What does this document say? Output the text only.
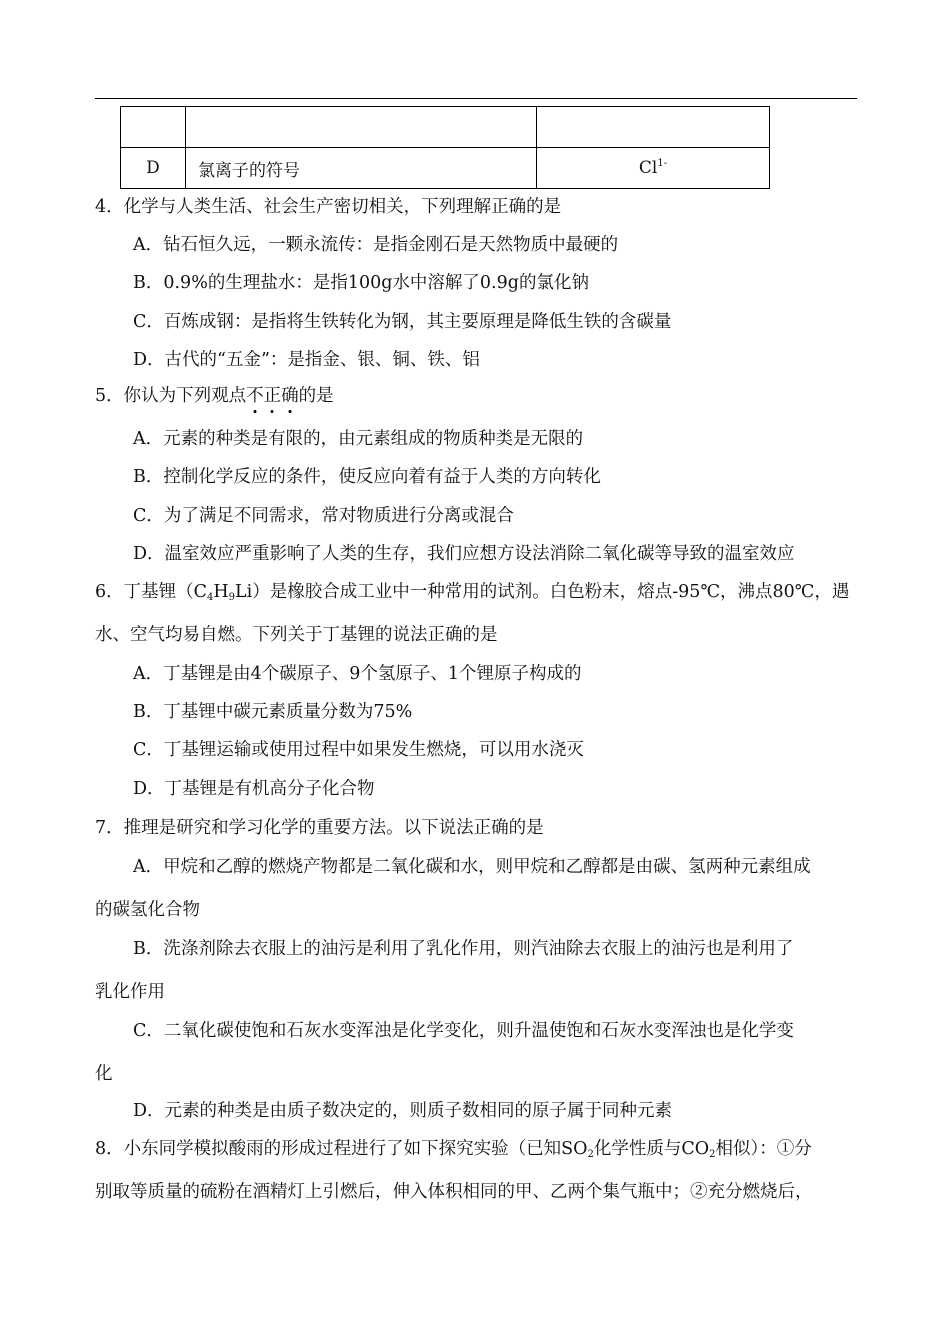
D	氯离子的符号	$Cl^{1-}$
4．化学与人类生活、社会生产密切相关，下列理解正确的是
A．钻石恒久远，一颗永流传：是指金刚石是天然物质中最硬的
B．0.9%的生理盐水：是指100g水中溶解了0.9g的氯化钠
C．百炼成钢：是指将生铁转化为钢，其主要原理是降低生铁的含碳量
D．古代的“五金”：是指金、银、铜、铁、铝
5．你认为下列观点不正确的是
A．元素的种类是有限的，由元素组成的物质种类是无限的
B．控制化学反应的条件，使反应向着有益于人类的方向转化
C．为了满足不同需求，常对物质进行分离或混合
D．温室效应严重影响了人类的生存，我们应想方设法消除二氧化碳等导致的温室效应
6．丁基锂$(C_4H_9Li)$是橡胶合成工业中一种常用的试剂。白色粉末，熔点-95℃，沸点80℃，遇
水、空气均易自燃。下列关于丁基锂的说法正确的是
A．丁基锂是由4个碳原子、9个氢原子、1个锂原子构成的
B．丁基锂中碳元素质量分数为75%
C．丁基锂运输或使用过程中如果发生燃烧，可以用水浇灭
D．丁基锂是有机高分子化合物
7．推理是研究和学习化学的重要方法。以下说法正确的是
A．甲烷和乙醇的燃烧产物都是二氧化碳和水，则甲烷和乙醇都是由碳、氢两种元素组成
的碳氢化合物
B．洗涤剂除去衣服上的油污是利用了乳化作用，则汽油除去衣服上的油污也是利用了
乳化作用
C．二氧化碳使饱和石灰水变浑浊是化学变化，则升温使饱和石灰水变浑浊也是化学变
化
D．元素的种类是由质子数决定的，则质子数相同的原子属于同种元素
8．小东同学模拟酸雨的形成过程进行了如下探究实验（已知$SO_2$化学性质与$CO_2$相似）：①分
别取等质量的硫粉在酒精灯上引燃后，伸入体积相同的甲、乙两个集气瓶中；②充分燃烧后，
